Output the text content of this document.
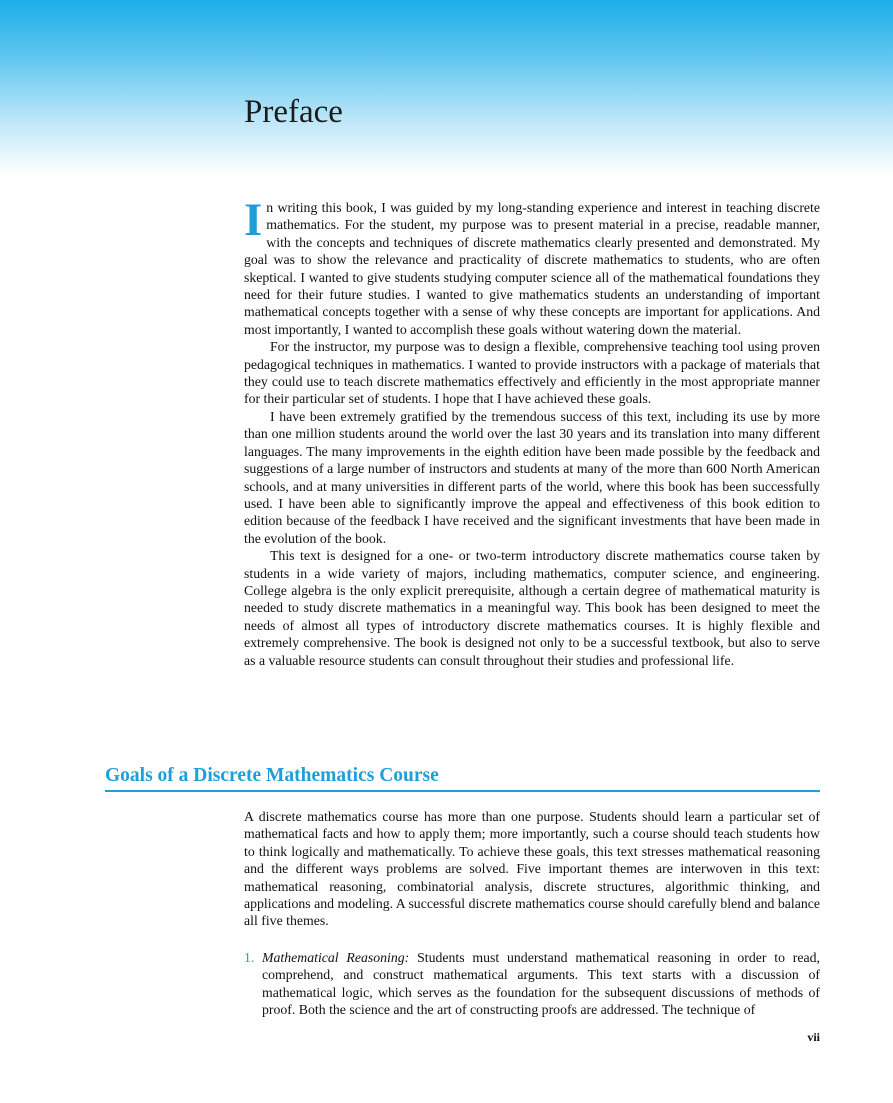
Preface

In writing this book, I was guided by my long-standing experience and interest in teaching discrete mathematics. For the student, my purpose was to present material in a precise, readable manner, with the concepts and techniques of discrete mathematics clearly presented and demonstrated. My goal was to show the relevance and practicality of discrete mathematics to students, who are often skeptical. I wanted to give students studying computer science all of the mathematical foundations they need for their future studies. I wanted to give mathematics students an understanding of important mathematical concepts together with a sense of why these concepts are important for applications. And most importantly, I wanted to accomplish these goals without watering down the material.

For the instructor, my purpose was to design a flexible, comprehensive teaching tool using proven pedagogical techniques in mathematics. I wanted to provide instructors with a package of materials that they could use to teach discrete mathematics effectively and efficiently in the most appropriate manner for their particular set of students. I hope that I have achieved these goals.

I have been extremely gratified by the tremendous success of this text, including its use by more than one million students around the world over the last 30 years and its translation into many different languages. The many improvements in the eighth edition have been made possible by the feedback and suggestions of a large number of instructors and students at many of the more than 600 North American schools, and at many universities in different parts of the world, where this book has been successfully used. I have been able to significantly improve the appeal and effectiveness of this book edition to edition because of the feedback I have received and the significant investments that have been made in the evolution of the book.

This text is designed for a one- or two-term introductory discrete mathematics course taken by students in a wide variety of majors, including mathematics, computer science, and engineering. College algebra is the only explicit prerequisite, although a certain degree of mathematical maturity is needed to study discrete mathematics in a meaningful way. This book has been designed to meet the needs of almost all types of introductory discrete mathematics courses. It is highly flexible and extremely comprehensive. The book is designed not only to be a successful textbook, but also to serve as a valuable resource students can consult throughout their studies and professional life.

Goals of a Discrete Mathematics Course

A discrete mathematics course has more than one purpose. Students should learn a particular set of mathematical facts and how to apply them; more importantly, such a course should teach students how to think logically and mathematically. To achieve these goals, this text stresses mathematical reasoning and the different ways problems are solved. Five important themes are interwoven in this text: mathematical reasoning, combinatorial analysis, discrete structures, algorithmic thinking, and applications and modeling. A successful discrete mathematics course should carefully blend and balance all five themes.

1. Mathematical Reasoning: Students must understand mathematical reasoning in order to read, comprehend, and construct mathematical arguments. This text starts with a discussion of mathematical logic, which serves as the foundation for the subsequent discussions of methods of proof. Both the science and the art of constructing proofs are addressed. The technique of
vii
